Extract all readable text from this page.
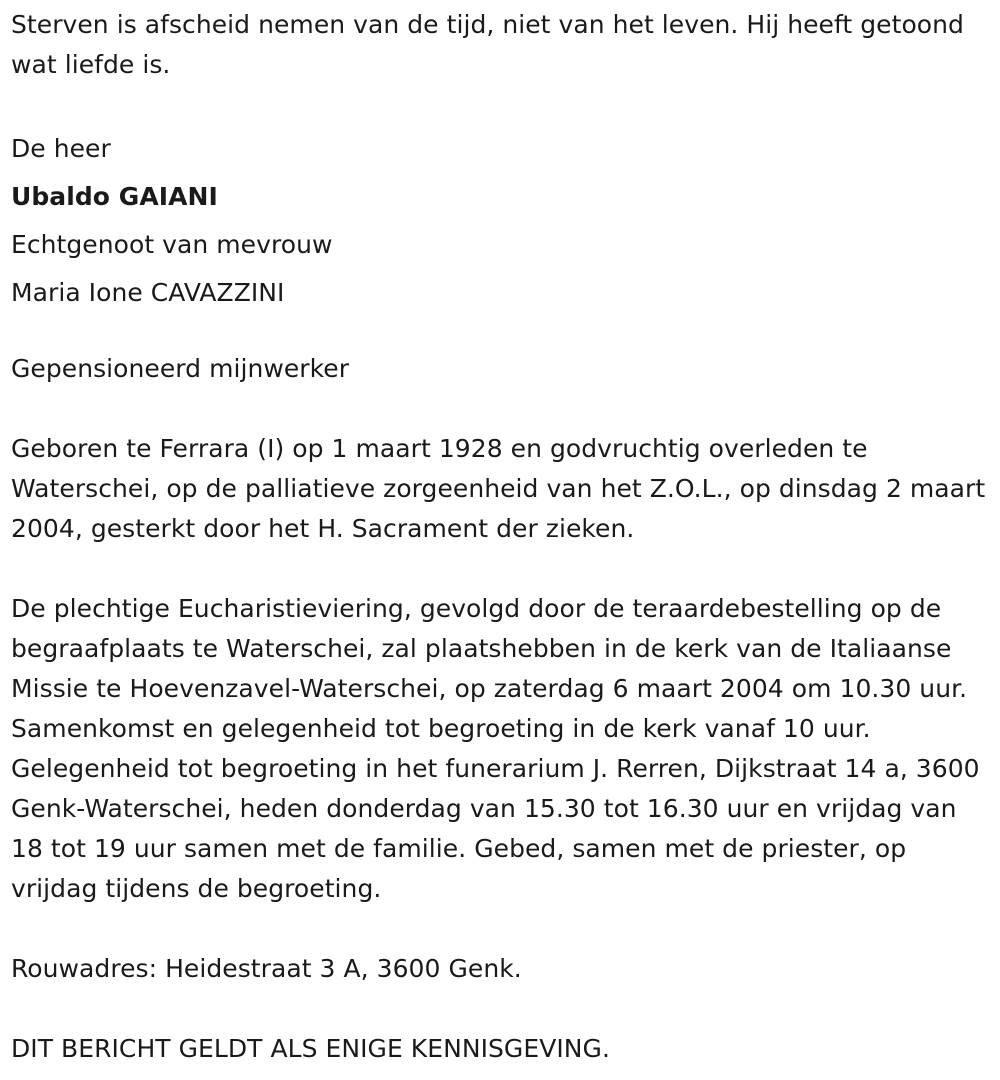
Sterven is afscheid nemen van de tijd, niet van het leven. Hij heeft getoond wat liefde is.

De heer

Ubaldo GAIANI

Echtgenoot van mevrouw

Maria Ione CAVAZZINI

Gepensioneerd mijnwerker

Geboren te Ferrara (I) op 1 maart 1928 en godvruchtig overleden te Waterschei, op de palliatieve zorgeenheid van het Z.O.L., op dinsdag 2 maart 2004, gesterkt door het H. Sacrament der zieken.

De plechtige Eucharistieviering, gevolgd door de teraardebestelling op de begraafplaats te Waterschei, zal plaatshebben in de kerk van de Italiaanse Missie te Hoevenzavel-Waterschei, op zaterdag 6 maart 2004 om 10.30 uur. Samenkomst en gelegenheid tot begroeting in de kerk vanaf 10 uur. Gelegenheid tot begroeting in het funerarium J. Rerren, Dijkstraat 14 a, 3600 Genk-Waterschei, heden donderdag van 15.30 tot 16.30 uur en vrijdag van 18 tot 19 uur samen met de familie. Gebed, samen met de priester, op vrijdag tijdens de begroeting.

Rouwadres: Heidestraat 3 A, 3600 Genk.

DIT BERICHT GELDT ALS ENIGE KENNISGEVING.
